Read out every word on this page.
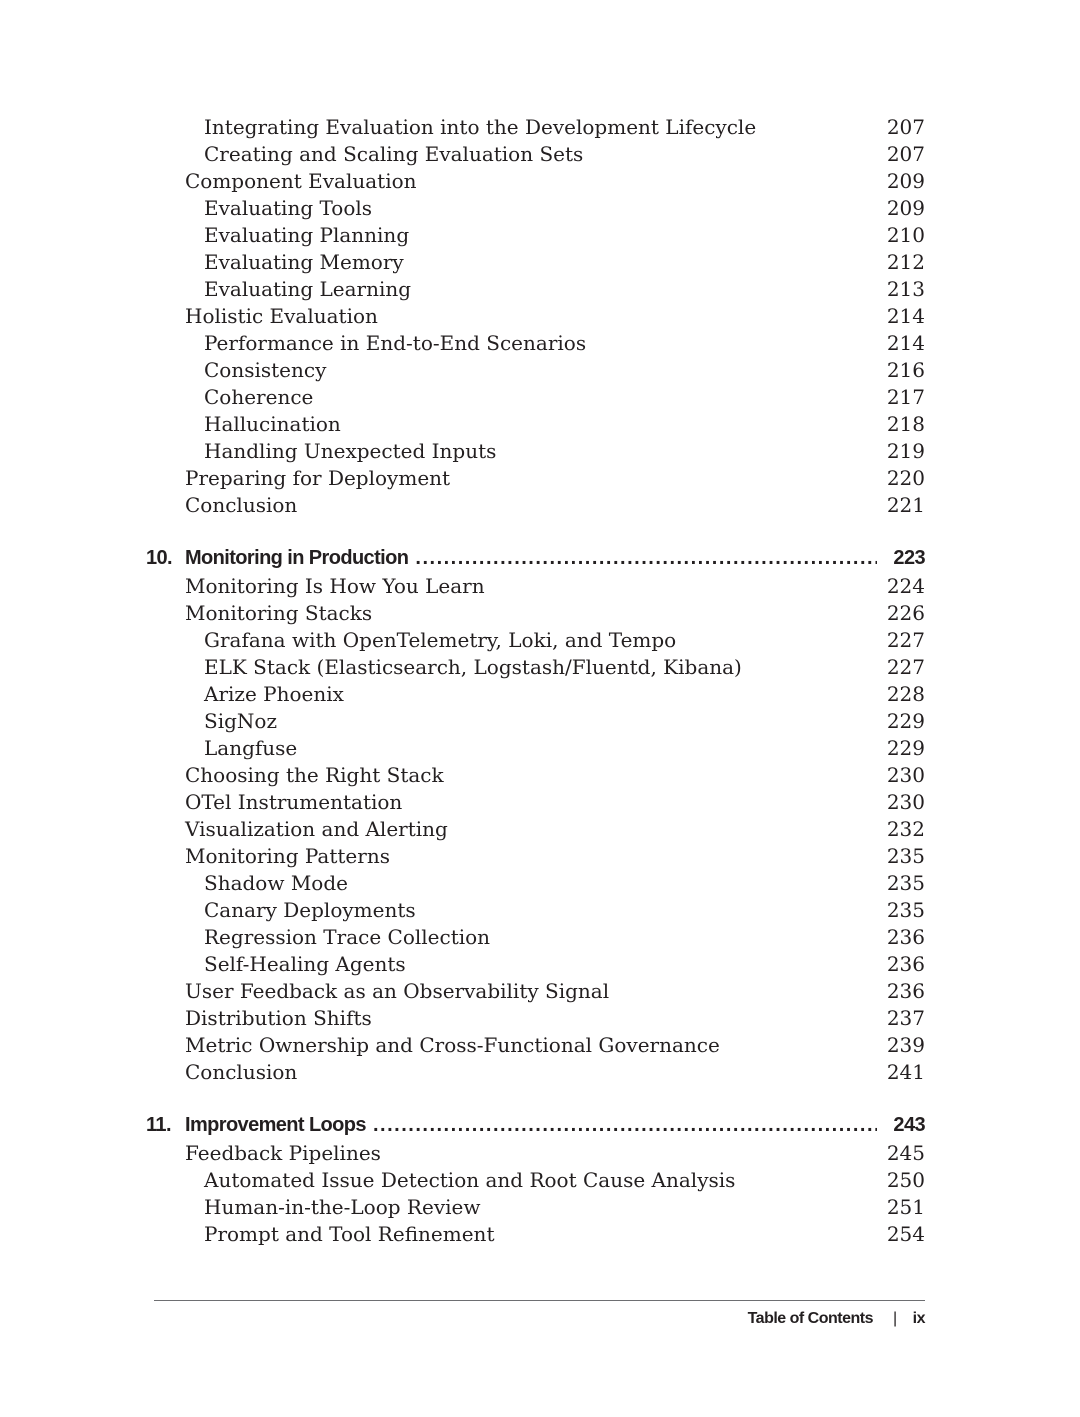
Integrating Evaluation into the Development Lifecycle	207
Creating and Scaling Evaluation Sets	207
Component Evaluation	209
Evaluating Tools	209
Evaluating Planning	210
Evaluating Memory	212
Evaluating Learning	213
Holistic Evaluation	214
Performance in End-to-End Scenarios	214
Consistency	216
Coherence	217
Hallucination	218
Handling Unexpected Inputs	219
Preparing for Deployment	220
Conclusion	221
10. Monitoring in Production .....	223
Monitoring Is How You Learn	224
Monitoring Stacks	226
Grafana with OpenTelemetry, Loki, and Tempo	227
ELK Stack (Elasticsearch, Logstash/Fluentd, Kibana)	227
Arize Phoenix	228
SigNoz	229
Langfuse	229
Choosing the Right Stack	230
OTel Instrumentation	230
Visualization and Alerting	232
Monitoring Patterns	235
Shadow Mode	235
Canary Deployments	235
Regression Trace Collection	236
Self-Healing Agents	236
User Feedback as an Observability Signal	236
Distribution Shifts	237
Metric Ownership and Cross-Functional Governance	239
Conclusion	241
11. Improvement Loops .....	243
Feedback Pipelines	245
Automated Issue Detection and Root Cause Analysis	250
Human-in-the-Loop Review	251
Prompt and Tool Refinement	254
Table of Contents | ix
